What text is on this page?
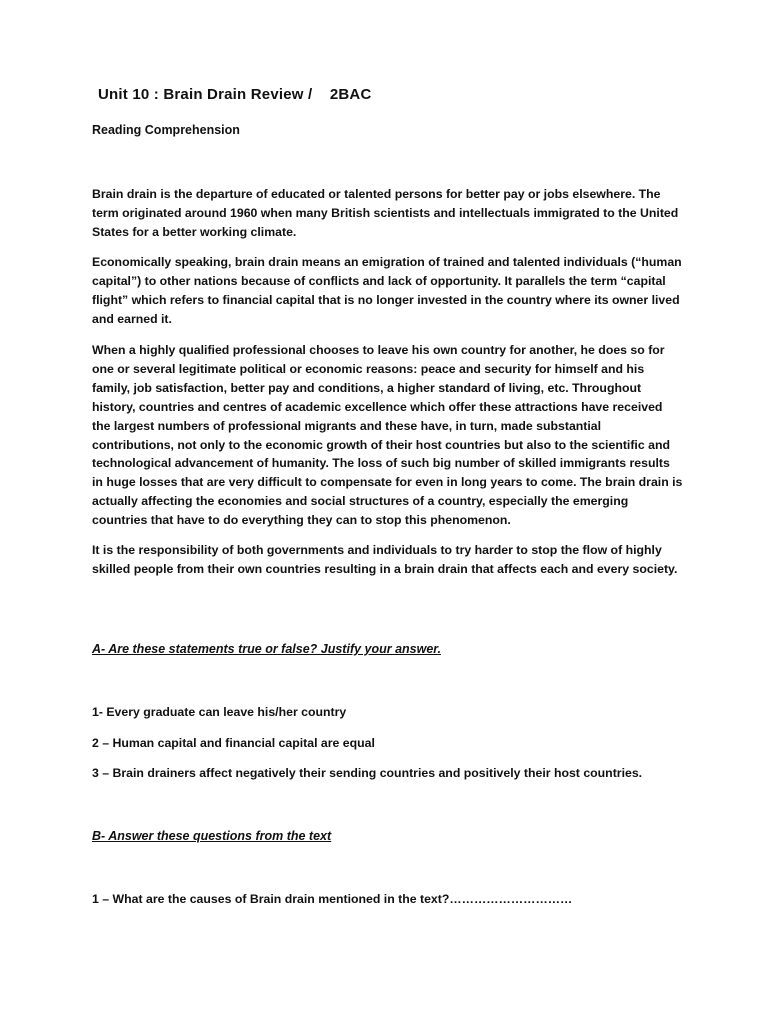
Unit 10 : Brain Drain Review /    2BAC
Reading Comprehension

Brain drain is the departure of educated or talented persons for better pay or jobs elsewhere. The term originated around 1960 when many British scientists and intellectuals immigrated to the United States for a better working climate.

Economically speaking, brain drain means an emigration of trained and talented individuals (“human capital”) to other nations because of conflicts and lack of opportunity. It parallels the term “capital flight” which refers to financial capital that is no longer invested in the country where its owner lived and earned it.

When a highly qualified professional chooses to leave his own country for another, he does so for one or several legitimate political or economic reasons: peace and security for himself and his family, job satisfaction, better pay and conditions, a higher standard of living, etc. Throughout history, countries and centres of academic excellence which offer these attractions have received the largest numbers of professional migrants and these have, in turn, made substantial contributions, not only to the economic growth of their host countries but also to the scientific and technological advancement of humanity. The loss of such big number of skilled immigrants results in huge losses that are very difficult to compensate for even in long years to come. The brain drain is actually affecting the economies and social structures of a country, especially the emerging countries that have to do everything they can to stop this phenomenon.

It is the responsibility of both governments and individuals to try harder to stop the flow of highly skilled people from their own countries resulting in a brain drain that affects each and every society.

A- Are these statements true or false? Justify your answer.

1- Every graduate can leave his/her country

2 – Human capital and financial capital are equal

3 – Brain drainers affect negatively their sending countries and positively their host countries.

B- Answer these questions from the text

1 – What are the causes of Brain drain mentioned in the text?…………………………
